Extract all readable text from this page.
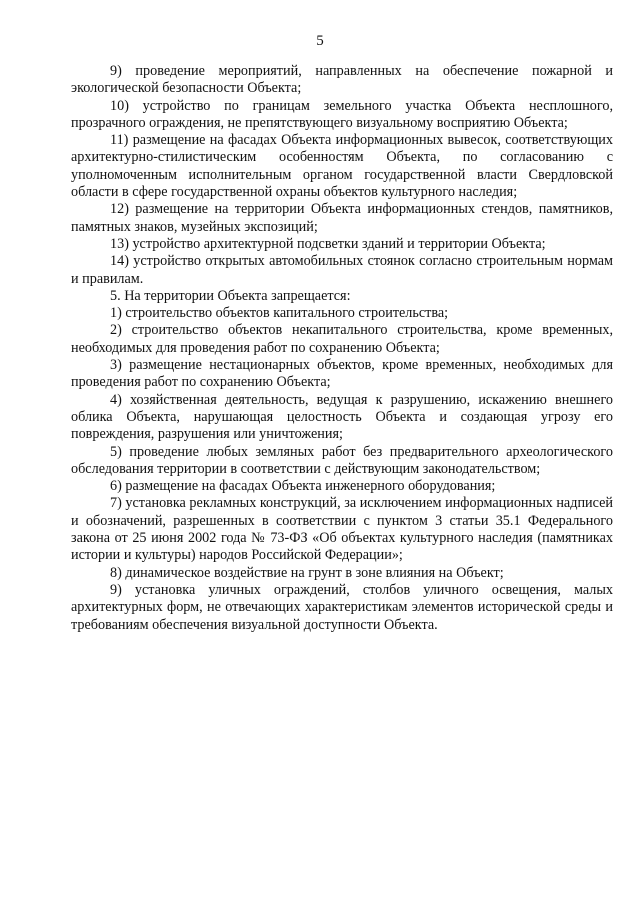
5

9) проведение мероприятий, направленных на обеспечение пожарной и экологической безопасности Объекта;

10) устройство по границам земельного участка Объекта несплошного, прозрачного ограждения, не препятствующего визуальному восприятию Объекта;

11) размещение на фасадах Объекта информационных вывесок, соответствующих архитектурно-стилистическим особенностям Объекта, по согласованию с уполномоченным исполнительным органом государственной власти Свердловской области в сфере государственной охраны объектов культурного наследия;

12) размещение на территории Объекта информационных стендов, памятников, памятных знаков, музейных экспозиций;

13) устройство архитектурной подсветки зданий и территории Объекта;

14) устройство открытых автомобильных стоянок согласно строительным нормам и правилам.

5. На территории Объекта запрещается:

1) строительство объектов капитального строительства;

2) строительство объектов некапитального строительства, кроме временных, необходимых для проведения работ по сохранению Объекта;

3) размещение нестационарных объектов, кроме временных, необходимых для проведения работ по сохранению Объекта;

4) хозяйственная деятельность, ведущая к разрушению, искажению внешнего облика Объекта, нарушающая целостность Объекта и создающая угрозу его повреждения, разрушения или уничтожения;

5) проведение любых земляных работ без предварительного археологического обследования территории в соответствии с действующим законодательством;

6) размещение на фасадах Объекта инженерного оборудования;

7) установка рекламных конструкций, за исключением информационных надписей и обозначений, разрешенных в соответствии с пунктом 3 статьи 35.1 Федерального закона от 25 июня 2002 года № 73-ФЗ «Об объектах культурного наследия (памятниках истории и культуры) народов Российской Федерации»;

8) динамическое воздействие на грунт в зоне влияния на Объект;

9) установка уличных ограждений, столбов уличного освещения, малых архитектурных форм, не отвечающих характеристикам элементов исторической среды и требованиям обеспечения визуальной доступности Объекта.
